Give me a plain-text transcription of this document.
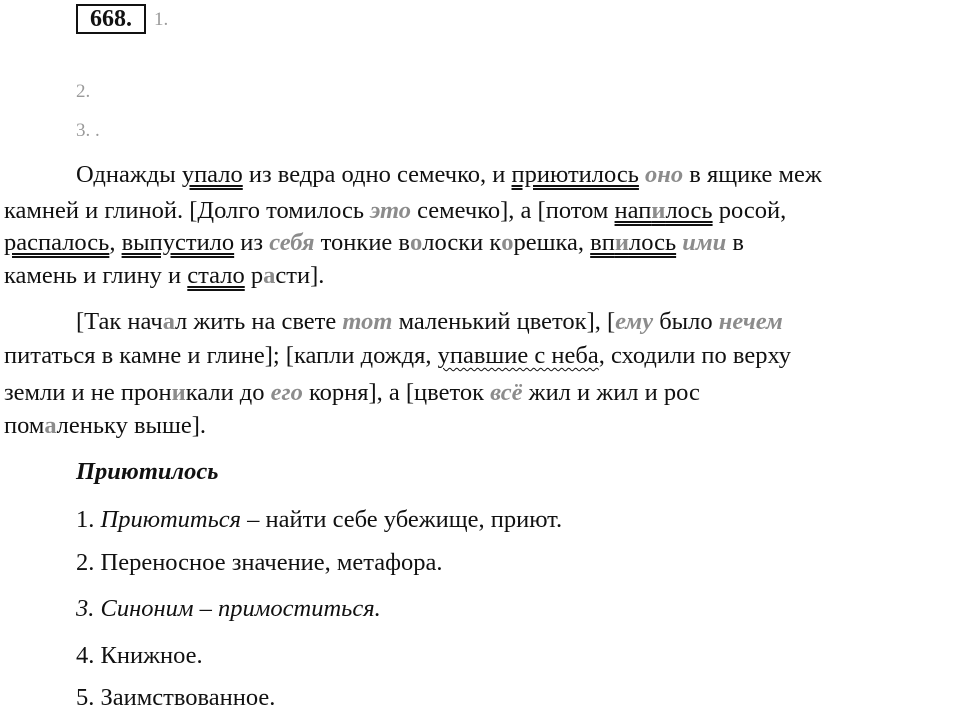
668.	1.
2.
3. .
Однажды упало из ведра одно семечко, и приютилось оно в ящике меж
камней и глиной. [Долго томилось это семечко], а [потом напилось росой,
распалось, выпустило из себя тонкие волоски корешка, впилось ими в
камень и глину и стало расти].
[Так начал жить на свете тот маленький цветок], [ему было нечем
питаться в камне и глине]; [капли дождя, упавшие с неба, сходили по верху
земли и не проникали до его корня], а [цветок всё жил и жил и рос
помаленьку выше].
Приютилось
1. Приютиться – найти себе убежище, приют.
2. Переносное значение, метафора.
3. Синоним – примоститься.
4. Книжное.
5. Заимствованное.
